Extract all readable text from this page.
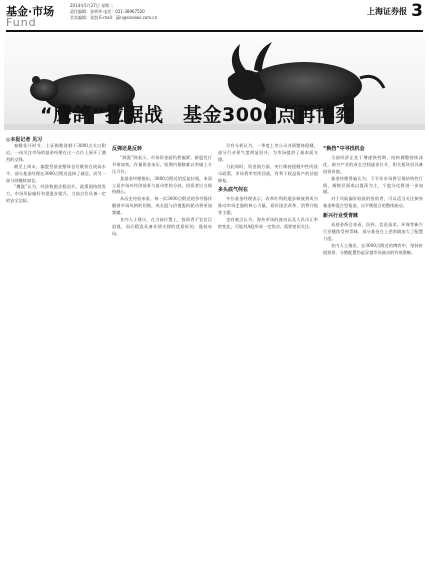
基金·市场
Fund
2014年5月27日 星期二
责任编辑：金明华 电话：021-38967520
美术编辑：张凯 E-mail：jijin@ssnews.com.cn
上海证券报 3
“鹰鸽”拉锯战　基金3000点再博弈
◎本报记者 见习

春暖花开时节，上证指数徘徊于3000点关口附近。一向关注市场的基金经理在这一点位上展开了激烈的交锋。

截至上周末，偏股型基金整体仓位维持在较高水平，部分基金经理在3000点附近选择了减仓，而另一部分则继续加仓。

“鹰派”认为，经济数据企稳回升，政策面持续发力，市场风险偏好有望逐步提升，当前点位具备一定的安全边际。

反弹还是反转

“鸽派”则表示，市场资金面仍然偏紧，新股发行节奏加快，存量资金承压，短期内指数难以突破上方压力位。

某基金经理指出，3000点附近的反复拉锯，本质上是市场对经济前景与流动性的分歧，投资者应当保持耐心。

从历史经验来看，每一次3000点附近的争夺都伴随着市场风格的切换，成长股与价值股的轮动将更加频繁。

业内人士建议，在当前位置上，投资者不宜盲目追涨，而应精选具备业绩支撑的优质标的，逢低布局。

另有分析认为，一季度上市公司业绩整体稳健，部分行业景气度明显回升，为市场提供了基本面支撑。

与此同时，资金面方面，央行维持稳健中性的货币政策，市场利率有所回落，有利于权益资产的估值修复。

多头底气何在

多位基金经理表示，改革红利的逐步释放将成为推动市场走强的核心力量，看好国企改革、消费升级等主题。

也有观点认为，海外市场的波动以及人民币汇率的变化，可能对A股形成一定扰动，需要密切关注。

“换挡”中寻找机会

当前经济正处于增速换挡期，结构调整持续深化，新兴产业的成长空间逐步打开，相关板块仍具备投资价值。

基金经理普遍认为，下半年市场将呈现结构性行情，指数层面或以震荡为主，个股分化将进一步加剧。

对于风险偏好较低的投资者，可以适当关注债券基金和混合型基金，以平衡组合的整体波动。

新兴行业受青睐

从基金持仓来看，医药、信息技术、环保等新兴行业继续受到青睐，部分基金在上述领域加大了配置力度。

业内人士指出，在3000点附近的博弈中，坚持价值投资、分散配置仍是穿越市场波动的有效策略。
